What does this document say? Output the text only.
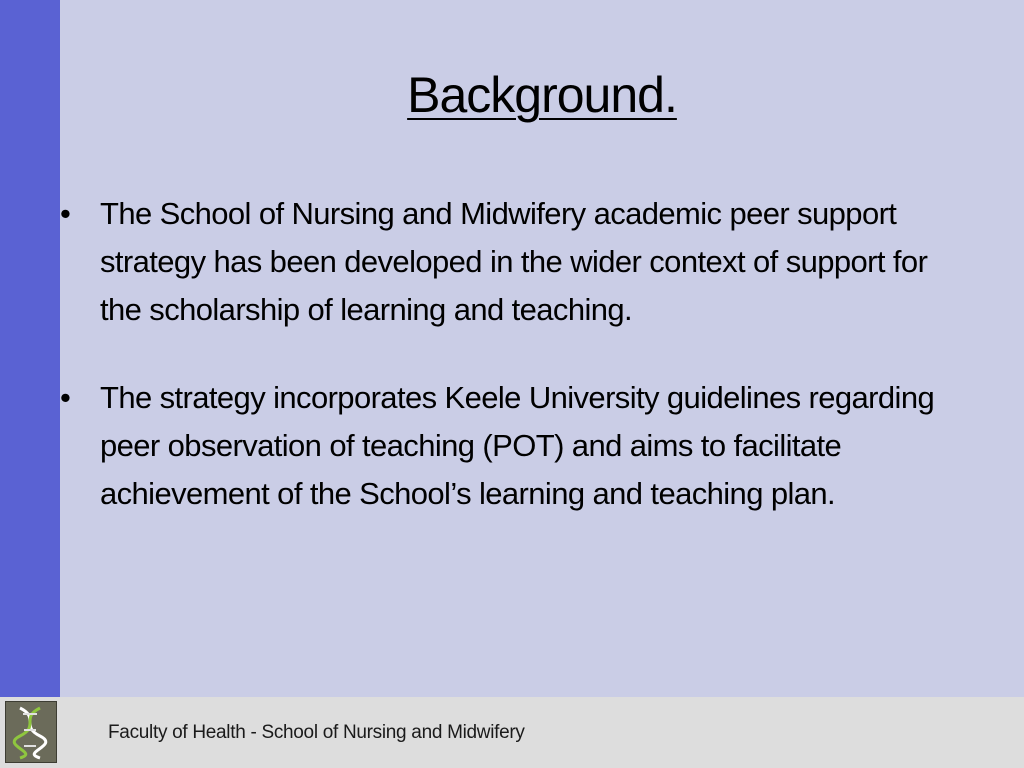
Background.
• The School of Nursing and Midwifery academic peer support strategy has been developed in the wider context of support for the scholarship of learning and teaching.
• The strategy incorporates Keele University guidelines regarding peer observation of teaching (POT) and aims to facilitate achievement of the School’s learning and teaching plan.
Faculty of Health - School of Nursing and Midwifery
